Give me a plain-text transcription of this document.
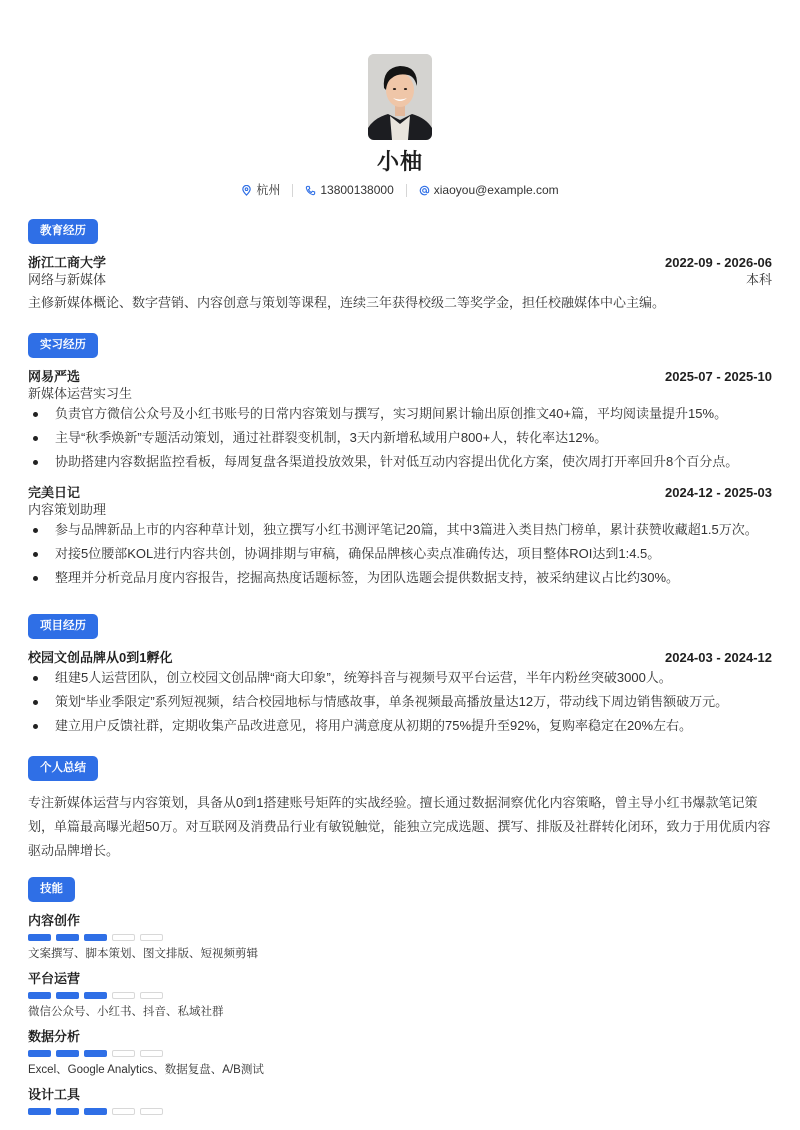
小柚
杭州	13800138000	xiaoyou@example.com
教育经历
浙江工商大学	2022-09 - 2026-06
网络与新媒体	本科
主修新媒体概论、数字营销、内容创意与策划等课程，连续三年获得校级二等奖学金，担任校融媒体中心主编。
实习经历
网易严选	2025-07 - 2025-10
新媒体运营实习生
负责官方微信公众号及小红书账号的日常内容策划与撰写，实习期间累计输出原创推文40+篇，平均阅读量提升15%。
主导“秋季焕新”专题活动策划，通过社群裂变机制，3天内新增私域用户800+人，转化率达12%。
协助搭建内容数据监控看板，每周复盘各渠道投放效果，针对低互动内容提出优化方案，使次周打开率回升8个百分点。
完美日记	2024-12 - 2025-03
内容策划助理
参与品牌新品上市的内容种草计划，独立撰写小红书测评笔记20篇，其中3篇进入类目热门榜单，累计获赞收藏超1.5万次。
对接5位腰部KOL进行内容共创，协调排期与审稿，确保品牌核心卖点准确传达，项目整体ROI达到1:4.5。
整理并分析竞品月度内容报告，挖掘高热度话题标签，为团队选题会提供数据支持，被采纳建议占比约30%。
项目经历
校园文创品牌从0到1孵化	2024-03 - 2024-12
组建5人运营团队，创立校园文创品牌“商大印象”，统筹抖音与视频号双平台运营，半年内粉丝突破3000人。
策划“毕业季限定”系列短视频，结合校园地标与情感故事，单条视频最高播放量达12万，带动线下周边销售额破万元。
建立用户反馈社群，定期收集产品改进意见，将用户满意度从初期的75%提升至92%，复购率稳定在20%左右。
个人总结
专注新媒体运营与内容策划，具备从0到1搭建账号矩阵的实战经验。擅长通过数据洞察优化内容策略，曾主导小红书爆款笔记策划，单篇最高曝光超50万。对互联网及消费品行业有敏锐触觉，能独立完成选题、撰写、排版及社群转化闭环，致力于用优质内容驱动品牌增长。
技能
内容创作
文案撰写、脚本策划、图文排版、短视频剪辑
平台运营
微信公众号、小红书、抖音、私域社群
数据分析
Excel、Google Analytics、数据复盘、A/B测试
设计工具
